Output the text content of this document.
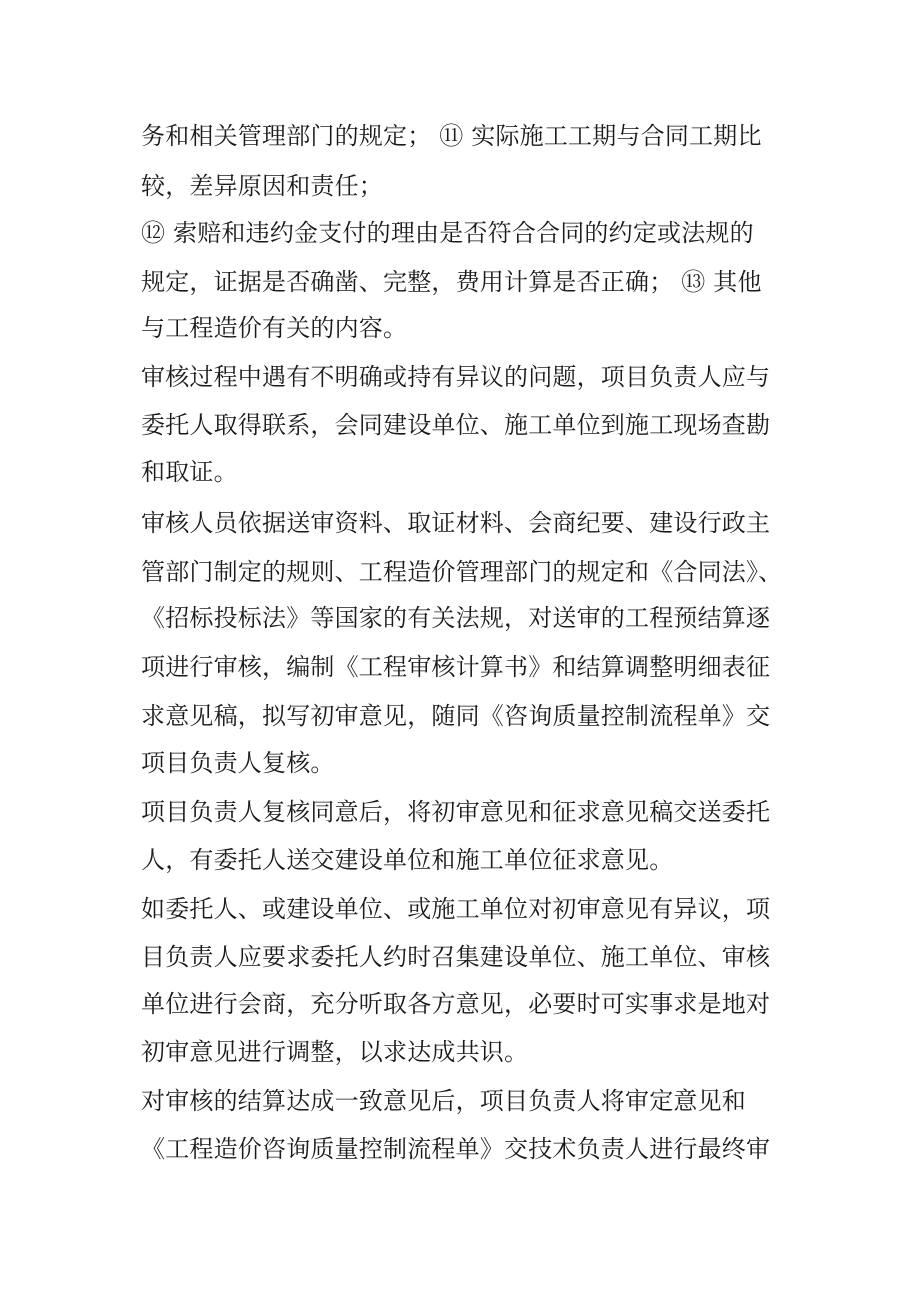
务和相关管理部门的规定； ⑪ 实际施工工期与合同工期比
较，差异原因和责任；
⑫ 索赔和违约金支付的理由是否符合合同的约定或法规的
规定，证据是否确凿、完整，费用计算是否正确； ⑬ 其他
与工程造价有关的内容。
审核过程中遇有不明确或持有异议的问题，项目负责人应与
委托人取得联系，会同建设单位、施工单位到施工现场查勘
和取证。
审核人员依据送审资料、取证材料、会商纪要、建设行政主
管部门制定的规则、工程造价管理部门的规定和《合同法》、
《招标投标法》等国家的有关法规，对送审的工程预结算逐
项进行审核，编制《工程审核计算书》和结算调整明细表征
求意见稿，拟写初审意见，随同《咨询质量控制流程单》交
项目负责人复核。
项目负责人复核同意后，将初审意见和征求意见稿交送委托
人，有委托人送交建设单位和施工单位征求意见。
如委托人、或建设单位、或施工单位对初审意见有异议，项
目负责人应要求委托人约时召集建设单位、施工单位、审核
单位进行会商，充分听取各方意见，必要时可实事求是地对
初审意见进行调整，以求达成共识。
对审核的结算达成一致意见后，项目负责人将审定意见和
《工程造价咨询质量控制流程单》交技术负责人进行最终审
